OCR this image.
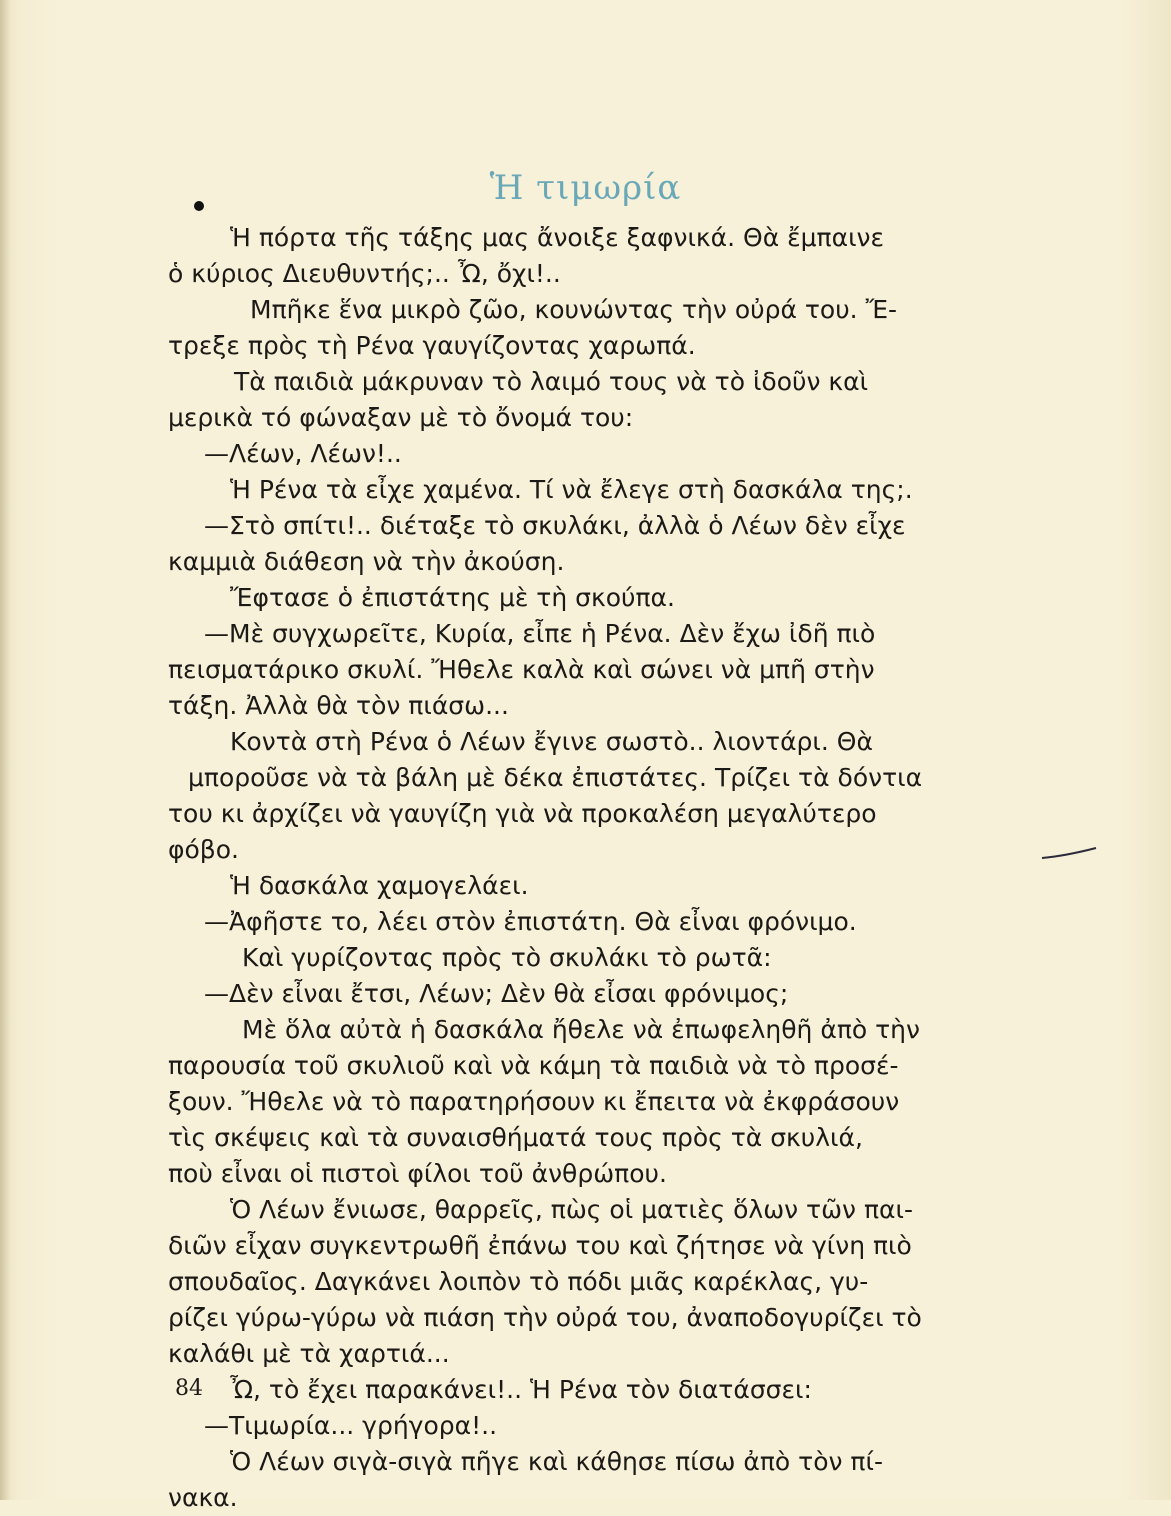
Ἡ τιμωρία
Ἡ πόρτα τῆς τάξης μας ἄνοιξε ξαφνικά. Θὰ ἔμπαινε
ὁ κύριος Διευθυντής;.. Ὦ, ὄχι!..
Μπῆκε ἕνα μικρὸ ζῶο, κουνώντας τὴν οὐρά του. Ἔ-
τρεξε πρὸς τὴ Ρένα γαυγίζοντας χαρωπά.
Τὰ παιδιὰ μάκρυναν τὸ λαιμό τους νὰ τὸ ἰδοῦν καὶ
μερικὰ τό φώναξαν μὲ τὸ ὄνομά του:
—Λέων, Λέων!..
Ἡ Ρένα τὰ εἶχε χαμένα. Τί νὰ ἔλεγε στὴ δασκάλα της;.
—Στὸ σπίτι!.. διέταξε τὸ σκυλάκι, ἀλλὰ ὁ Λέων δὲν εἶχε
καμμιὰ διάθεση νὰ τὴν ἀκούση.
Ἔφτασε ὁ ἐπιστάτης μὲ τὴ σκούπα.
—Μὲ συγχωρεῖτε, Κυρία, εἶπε ἡ Ρένα. Δὲν ἔχω ἰδῆ πιὸ
πεισματάρικο σκυλί. Ἤθελε καλὰ καὶ σώνει νὰ μπῆ στὴν
τάξη. Ἀλλὰ θὰ τὸν πιάσω...
Κοντὰ στὴ Ρένα ὁ Λέων ἔγινε σωστὸ.. λιοντάρι. Θὰ
μποροῦσε νὰ τὰ βάλη μὲ δέκα ἐπιστάτες. Τρίζει τὰ δόντια
του κι ἀρχίζει νὰ γαυγίζη γιὰ νὰ προκαλέση μεγαλύτερο
φόβο.
Ἡ δασκάλα χαμογελάει.
—Ἀφῆστε το, λέει στὸν ἐπιστάτη. Θὰ εἶναι φρόνιμο.
Καὶ γυρίζοντας πρὸς τὸ σκυλάκι τὸ ρωτᾶ:
—Δὲν εἶναι ἔτσι, Λέων; Δὲν θὰ εἶσαι φρόνιμος;
Μὲ ὅλα αὐτὰ ἡ δασκάλα ἤθελε νὰ ἐπωφεληθῆ ἀπὸ τὴν
παρουσία τοῦ σκυλιοῦ καὶ νὰ κάμη τὰ παιδιὰ νὰ τὸ προσέ-
ξουν. Ἤθελε νὰ τὸ παρατηρήσουν κι ἔπειτα νὰ ἐκφράσουν
τὶς σκέψεις καὶ τὰ συναισθήματά τους πρὸς τὰ σκυλιά,
ποὺ εἶναι οἱ πιστοὶ φίλοι τοῦ ἀνθρώπου.
Ὁ Λέων ἔνιωσε, θαρρεῖς, πὼς οἱ ματιὲς ὅλων τῶν παι-
διῶν εἶχαν συγκεντρωθῆ ἐπάνω του καὶ ζήτησε νὰ γίνη πιὸ
σπουδαῖος. Δαγκάνει λοιπὸν τὸ πόδι μιᾶς καρέκλας, γυ-
ρίζει γύρω-γύρω νὰ πιάση τὴν οὐρά του, ἀναποδογυρίζει τὸ
καλάθι μὲ τὰ χαρτιά...
Ὦ, τὸ ἔχει παρακάνει!.. Ἡ Ρένα τὸν διατάσσει:
—Τιμωρία... γρήγορα!..
Ὁ Λέων σιγὰ-σιγὰ πῆγε καὶ κάθησε πίσω ἀπὸ τὸν πί-
νακα.
84
